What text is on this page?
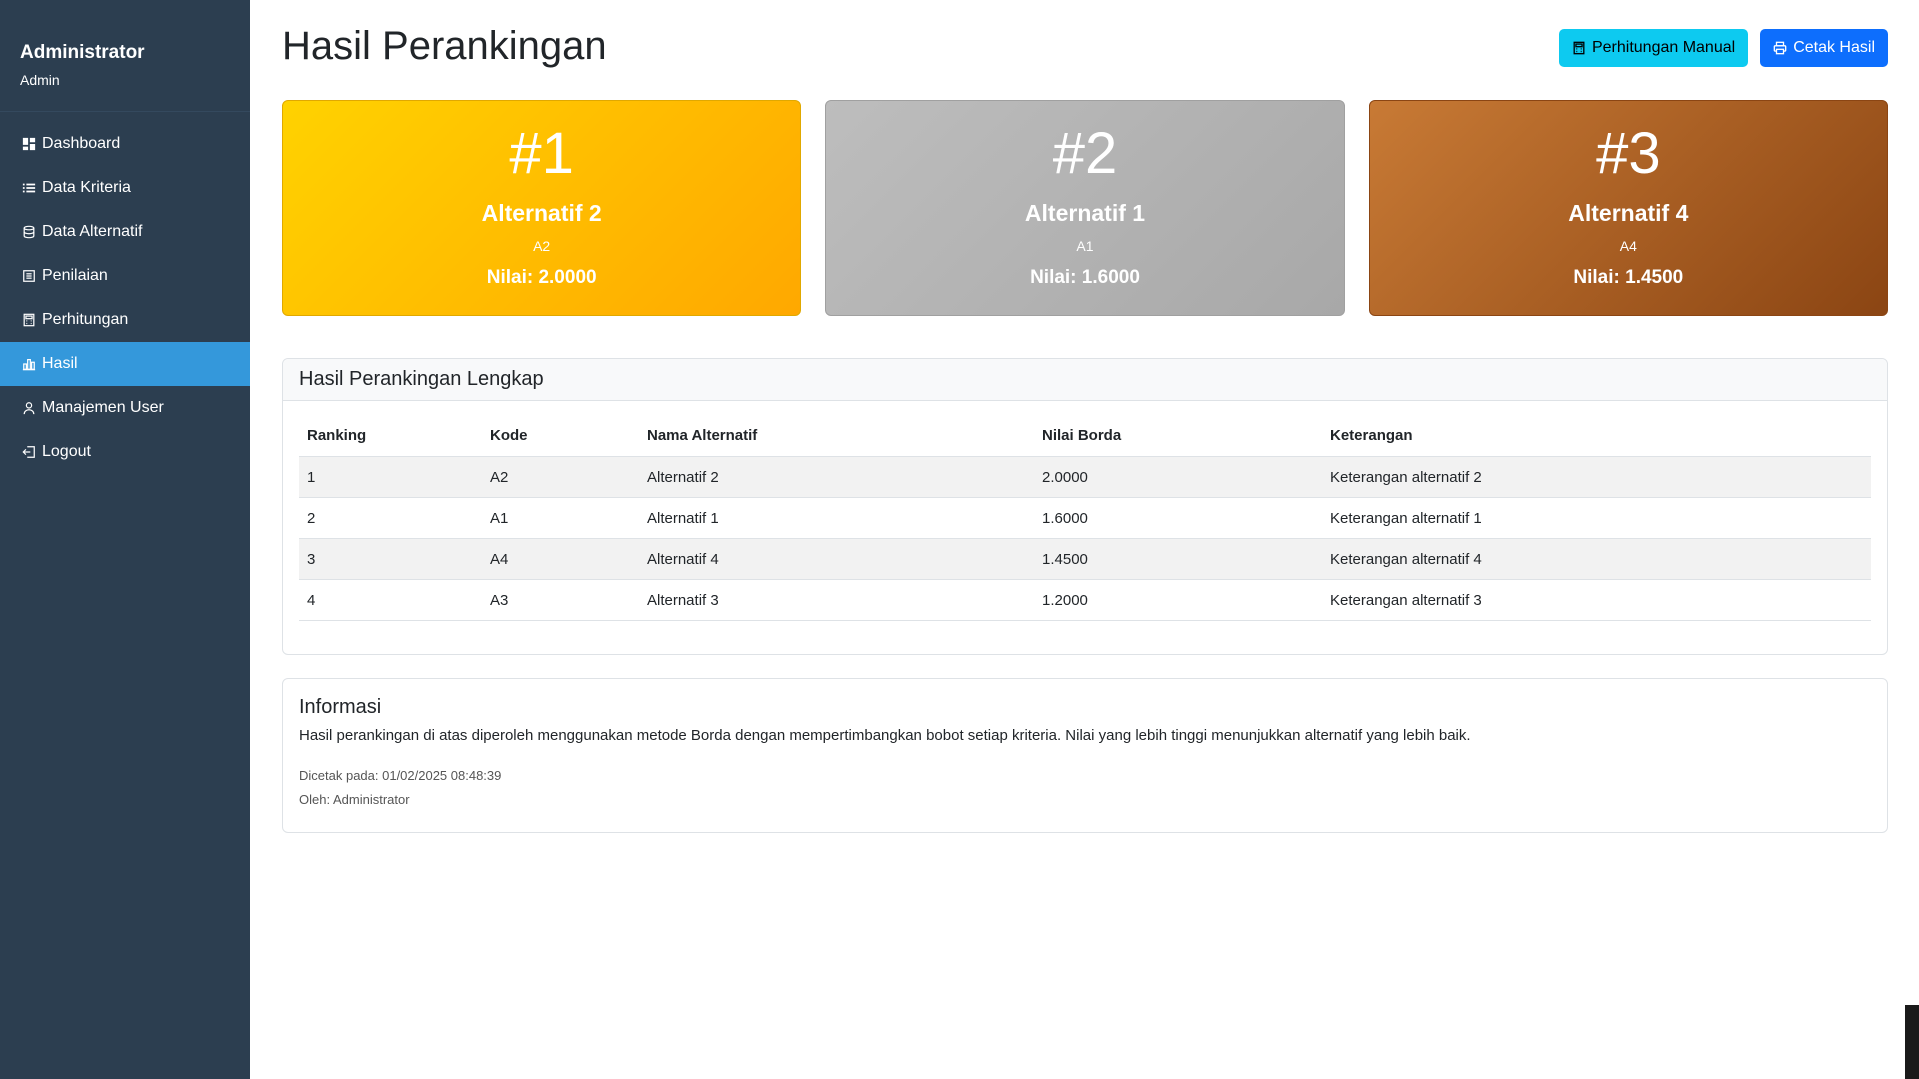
Administrator
Admin
Dashboard
Data Kriteria
Data Alternatif
Penilaian
Perhitungan
Hasil
Manajemen User
Logout
Hasil Perankingan	Perhitungan Manual	Cetak Hasil
#1
Alternatif 2
A2
Nilai: 2.0000
#2
Alternatif 1
A1
Nilai: 1.6000
#3
Alternatif 4
A4
Nilai: 1.4500
Hasil Perankingan Lengkap
Ranking	Kode	Nama Alternatif	Nilai Borda	Keterangan
1	A2	Alternatif 2	2.0000	Keterangan alternatif 2
2	A1	Alternatif 1	1.6000	Keterangan alternatif 1
3	A4	Alternatif 4	1.4500	Keterangan alternatif 4
4	A3	Alternatif 3	1.2000	Keterangan alternatif 3
Informasi
Hasil perankingan di atas diperoleh menggunakan metode Borda dengan mempertimbangkan bobot setiap kriteria. Nilai yang lebih tinggi menunjukkan alternatif yang lebih baik.
Dicetak pada: 01/02/2025 08:48:39
Oleh: Administrator
